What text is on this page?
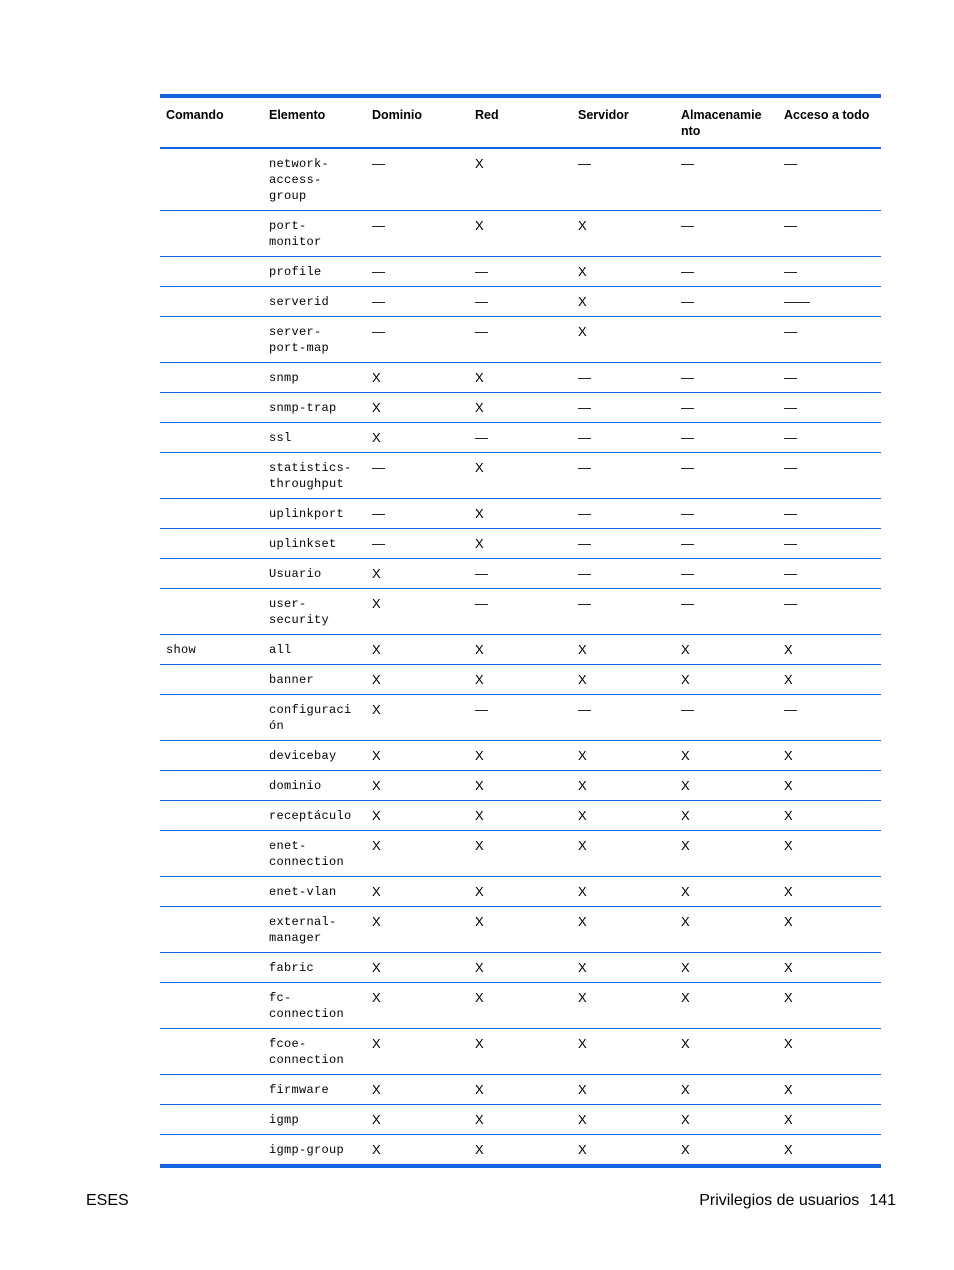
Comando	Elemento	Dominio	Red	Servidor	Almacenamie nto	Acceso a todo
	network- access- group	—	X	—	—	—
	port- monitor	—	X	X	—	—
	profile	—	—	X	—	—
	serverid	—	—	X	—	——
	server- port-map	—	—	X		—
	snmp	X	X	—	—	—
	snmp-trap	X	X	—	—	—
	ssl	X	—	—	—	—
	statistics- throughput	—	X	—	—	—
	uplinkport	—	X	—	—	—
	uplinkset	—	X	—	—	—
	Usuario	X	—	—	—	—
	user- security	X	—	—	—	—
show	all	X	X	X	X	X
	banner	X	X	X	X	X
	configuraci ón	X	—	—	—	—
	devicebay	X	X	X	X	X
	dominio	X	X	X	X	X
	receptáculo	X	X	X	X	X
	enet- connection	X	X	X	X	X
	enet-vlan	X	X	X	X	X
	external- manager	X	X	X	X	X
	fabric	X	X	X	X	X
	fc- connection	X	X	X	X	X
	fcoe- connection	X	X	X	X	X
	firmware	X	X	X	X	X
	igmp	X	X	X	X	X
	igmp-group	X	X	X	X	X
ESES	Privilegios de usuarios 141
